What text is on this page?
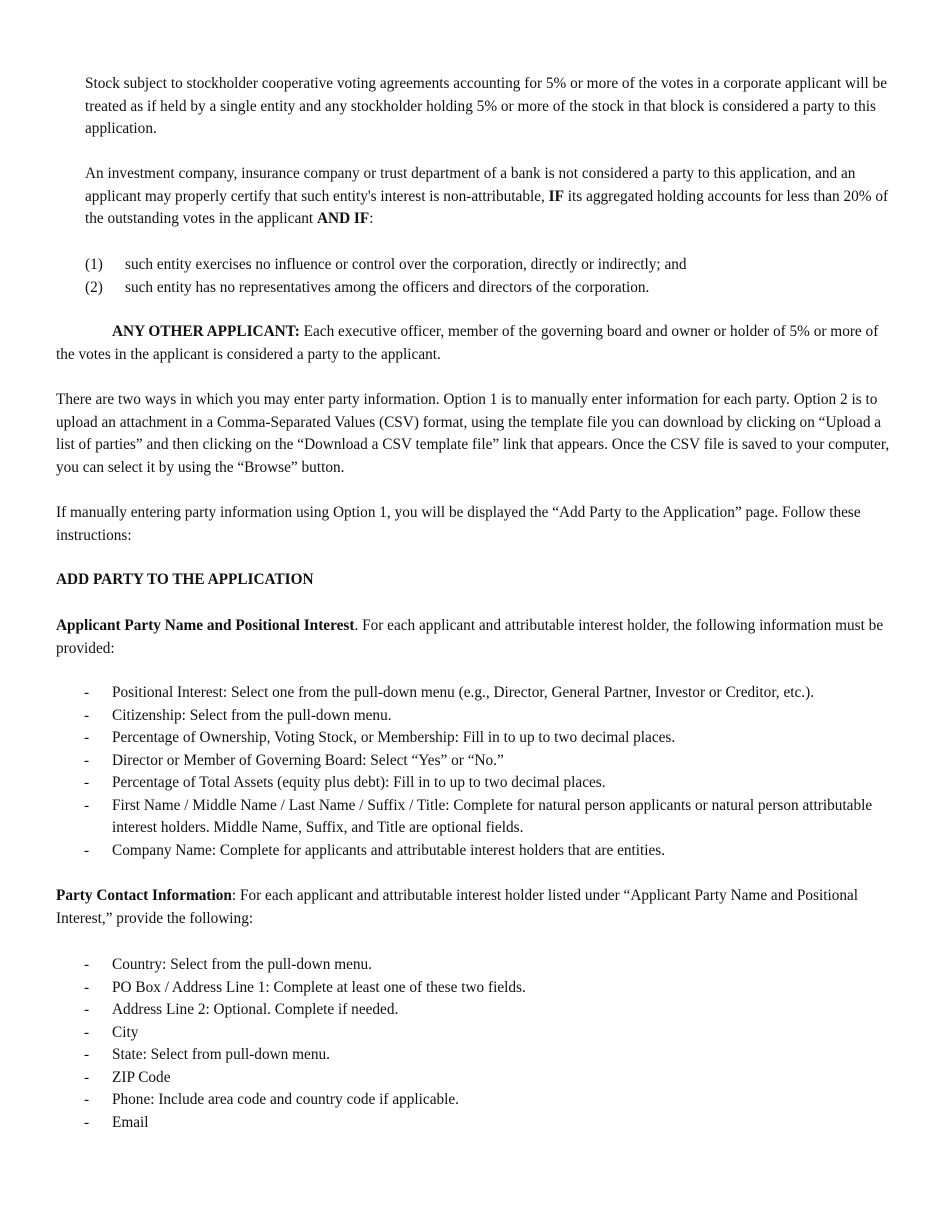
Stock subject to stockholder cooperative voting agreements accounting for 5% or more of the votes in a corporate applicant will be treated as if held by a single entity and any stockholder holding 5% or more of the stock in that block is considered a party to this application.

An investment company, insurance company or trust department of a bank is not considered a party to this application, and an applicant may properly certify that such entity's interest is non-attributable, IF its aggregated holding accounts for less than 20% of the outstanding votes in the applicant AND IF:

(1)	such entity exercises no influence or control over the corporation, directly or indirectly; and
(2)	such entity has no representatives among the officers and directors of the corporation.

ANY OTHER APPLICANT: Each executive officer, member of the governing board and owner or holder of 5% or more of the votes in the applicant is considered a party to the applicant.

There are two ways in which you may enter party information. Option 1 is to manually enter information for each party. Option 2 is to upload an attachment in a Comma-Separated Values (CSV) format, using the template file you can download by clicking on “Upload a list of parties” and then clicking on the “Download a CSV template file” link that appears. Once the CSV file is saved to your computer, you can select it by using the “Browse” button.

If manually entering party information using Option 1, you will be displayed the “Add Party to the Application” page. Follow these instructions:

ADD PARTY TO THE APPLICATION

Applicant Party Name and Positional Interest. For each applicant and attributable interest holder, the following information must be provided:

-	Positional Interest: Select one from the pull-down menu (e.g., Director, General Partner, Investor or Creditor, etc.).
-	Citizenship: Select from the pull-down menu.
-	Percentage of Ownership, Voting Stock, or Membership: Fill in to up to two decimal places.
-	Director or Member of Governing Board: Select “Yes” or “No.”
-	Percentage of Total Assets (equity plus debt): Fill in to up to two decimal places.
-	First Name / Middle Name / Last Name / Suffix / Title: Complete for natural person applicants or natural person attributable interest holders. Middle Name, Suffix, and Title are optional fields.
-	Company Name: Complete for applicants and attributable interest holders that are entities.

Party Contact Information: For each applicant and attributable interest holder listed under “Applicant Party Name and Positional Interest,” provide the following:

-	Country: Select from the pull-down menu.
-	PO Box / Address Line 1: Complete at least one of these two fields.
-	Address Line 2: Optional. Complete if needed.
-	City
-	State: Select from pull-down menu.
-	ZIP Code
-	Phone: Include area code and country code if applicable.
-	Email
